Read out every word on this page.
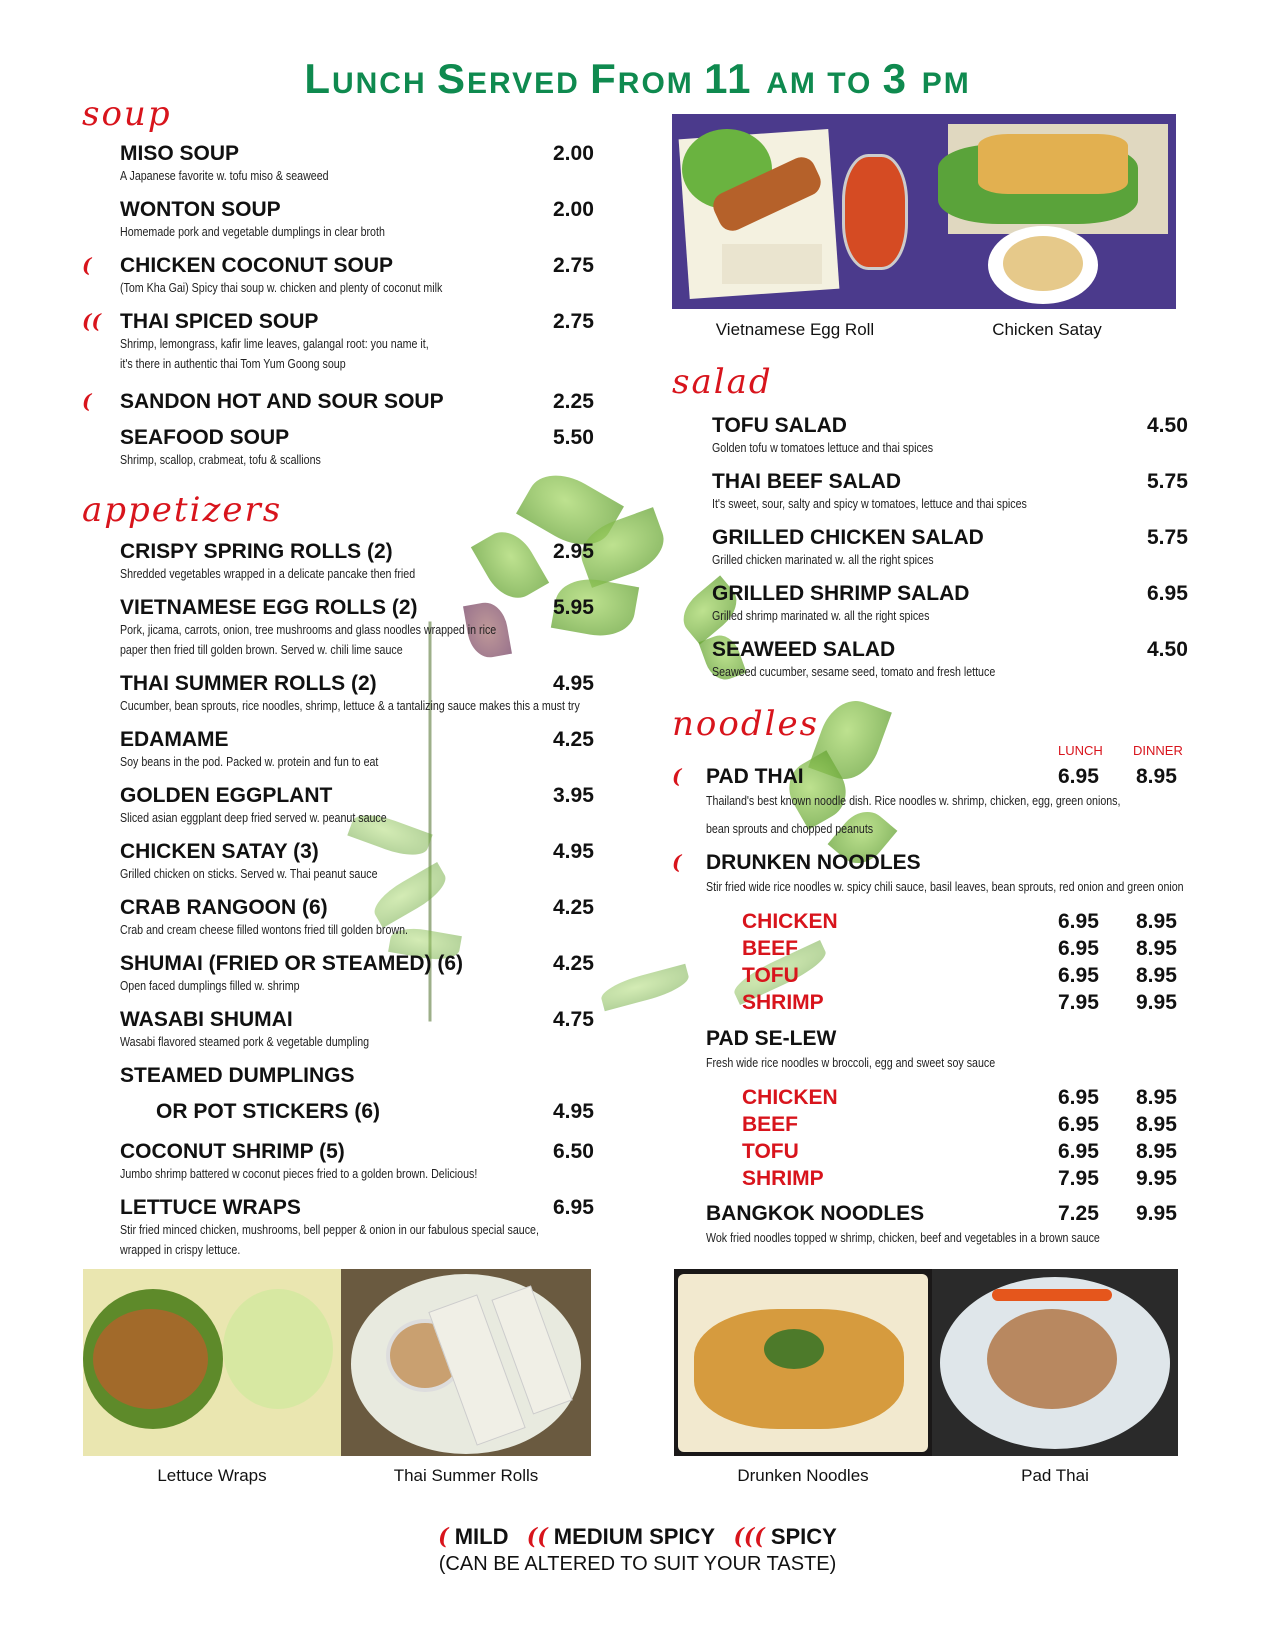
LUNCH SERVED FROM 11 AM TO 3 PM
soup
MISO SOUP
A Japanese favorite w. tofu miso & seaweed
2.00
WONTON SOUP
Homemade pork and vegetable dumplings in clear broth
2.00
( CHICKEN COCONUT SOUP
(Tom Kha Gai) Spicy thai soup w. chicken and plenty of coconut milk
2.75
(( THAI SPICED SOUP
Shrimp, lemongrass, kafir lime leaves, galangal root: you name it,
it's there in authentic thai Tom Yum Goong soup
2.75
( SANDON HOT AND SOUR SOUP	2.25
SEAFOOD SOUP
Shrimp, scallop, crabmeat, tofu & scallions
5.50
appetizers
CRISPY SPRING ROLLS (2)
Shredded vegetables wrapped in a delicate pancake then fried
2.95
VIETNAMESE EGG ROLLS (2)
Pork, jicama, carrots, onion, tree mushrooms and glass noodles wrapped in rice
paper then fried till golden brown. Served w. chili lime sauce
5.95
THAI SUMMER ROLLS (2)
Cucumber, bean sprouts, rice noodles, shrimp, lettuce & a tantalizing sauce makes this a must try
4.95
EDAMAME
Soy beans in the pod. Packed w. protein and fun to eat
4.25
GOLDEN EGGPLANT
Sliced asian eggplant deep fried served w. peanut sauce
3.95
CHICKEN SATAY (3)
Grilled chicken on sticks. Served w. Thai peanut sauce
4.95
CRAB RANGOON (6)
Crab and cream cheese filled wontons fried till golden brown.
4.25
SHUMAI (FRIED OR STEAMED) (6)
Open faced dumplings filled w. shrimp
4.25
WASABI SHUMAI
Wasabi flavored steamed pork & vegetable dumpling
4.75
STEAMED DUMPLINGS
OR POT STICKERS (6)	4.95
COCONUT SHRIMP (5)
Jumbo shrimp battered w coconut pieces fried to a golden brown. Delicious!
6.50
LETTUCE WRAPS
Stir fried minced chicken, mushrooms, bell pepper & onion in our fabulous special sauce,
wrapped in crispy lettuce.
6.95
Vietnamese Egg Roll	Chicken Satay
salad
TOFU SALAD
Golden tofu w tomatoes lettuce and thai spices
4.50
THAI BEEF SALAD
It's sweet, sour, salty and spicy w tomatoes, lettuce and thai spices
5.75
GRILLED CHICKEN SALAD
Grilled chicken marinated w. all the right spices
5.75
GRILLED SHRIMP SALAD
Grilled shrimp marinated w. all the right spices
6.95
SEAWEED SALAD
Seaweed cucumber, sesame seed, tomato and fresh lettuce
4.50
noodles
LUNCH DINNER
( PAD THAI
Thailand's best known noodle dish. Rice noodles w. shrimp, chicken, egg, green onions,
bean sprouts and chopped peanuts
6.95 8.95
( DRUNKEN NOODLES
Stir fried wide rice noodles w. spicy chili sauce, basil leaves, bean sprouts, red onion and green onion
CHICKEN	6.95 8.95
BEEF	6.95 8.95
TOFU	6.95 8.95
SHRIMP	7.95 9.95
PAD SE-LEW
Fresh wide rice noodles w broccoli, egg and sweet soy sauce
CHICKEN	6.95 8.95
BEEF	6.95 8.95
TOFU	6.95 8.95
SHRIMP	7.95 9.95
BANGKOK NOODLES
Wok fried noodles topped w shrimp, chicken, beef and vegetables in a brown sauce
7.25 9.95
Lettuce Wraps	Thai Summer Rolls	Drunken Noodles	Pad Thai
( MILD (( MEDIUM SPICY ((( SPICY
(CAN BE ALTERED TO SUIT YOUR TASTE)
